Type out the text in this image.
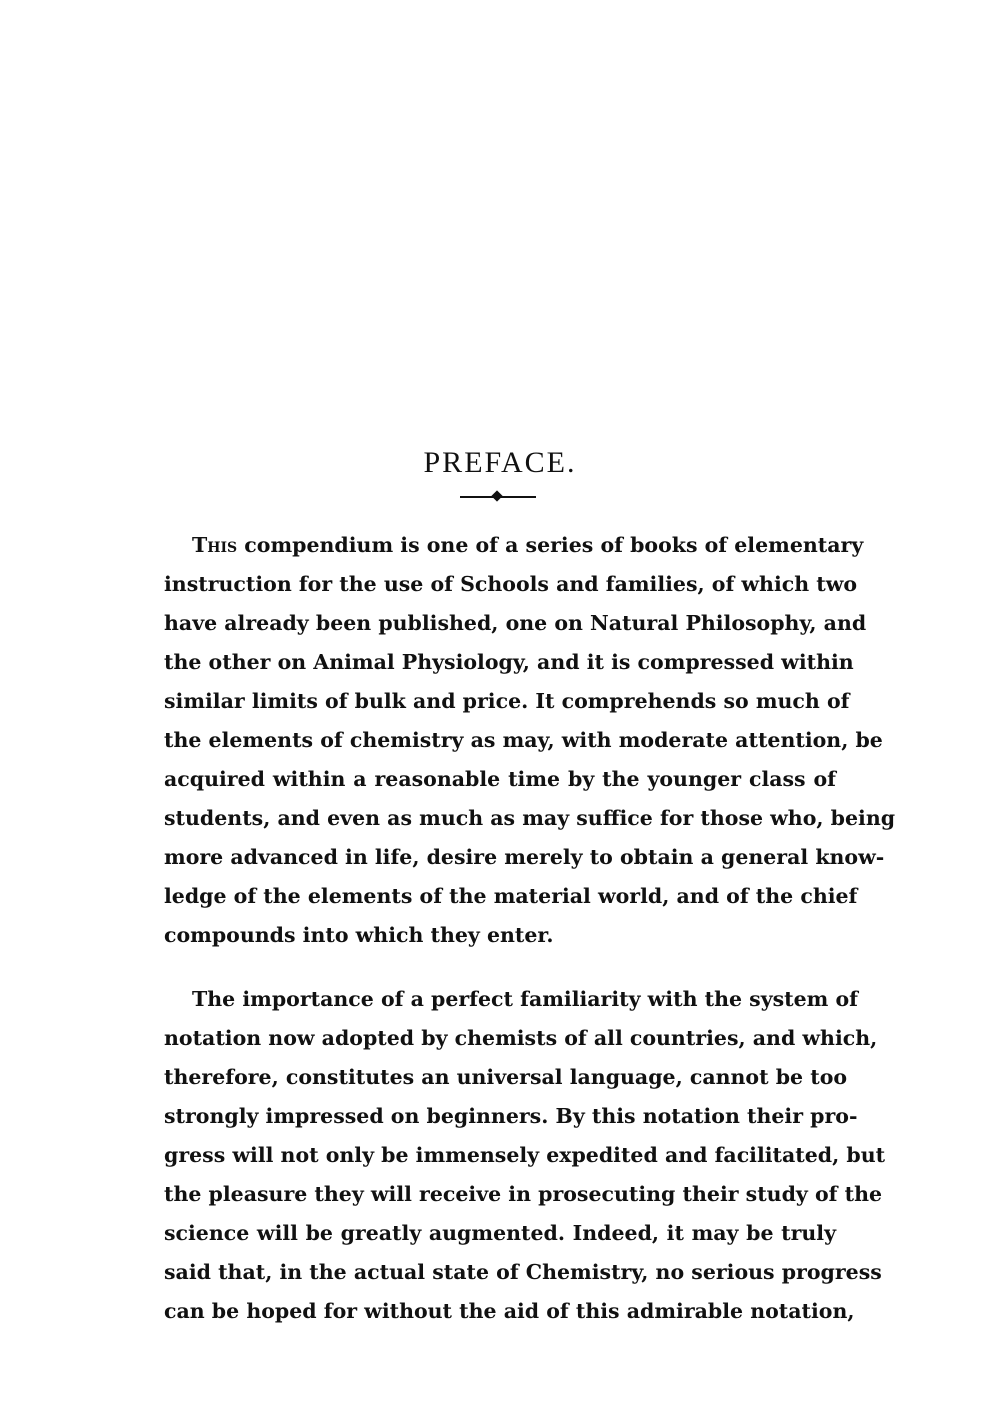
PREFACE.
This compendium is one of a series of books of elementary
instruction for the use of Schools and families, of which two
have already been published, one on Natural Philosophy, and
the other on Animal Physiology, and it is compressed within
similar limits of bulk and price. It comprehends so much of
the elements of chemistry as may, with moderate attention, be
acquired within a reasonable time by the younger class of
students, and even as much as may suffice for those who, being
more advanced in life, desire merely to obtain a general know-
ledge of the elements of the material world, and of the chief
compounds into which they enter.
The importance of a perfect familiarity with the system of
notation now adopted by chemists of all countries, and which,
therefore, constitutes an universal language, cannot be too
strongly impressed on beginners. By this notation their pro-
gress will not only be immensely expedited and facilitated, but
the pleasure they will receive in prosecuting their study of the
science will be greatly augmented. Indeed, it may be truly
said that, in the actual state of Chemistry, no serious progress
can be hoped for without the aid of this admirable notation,
